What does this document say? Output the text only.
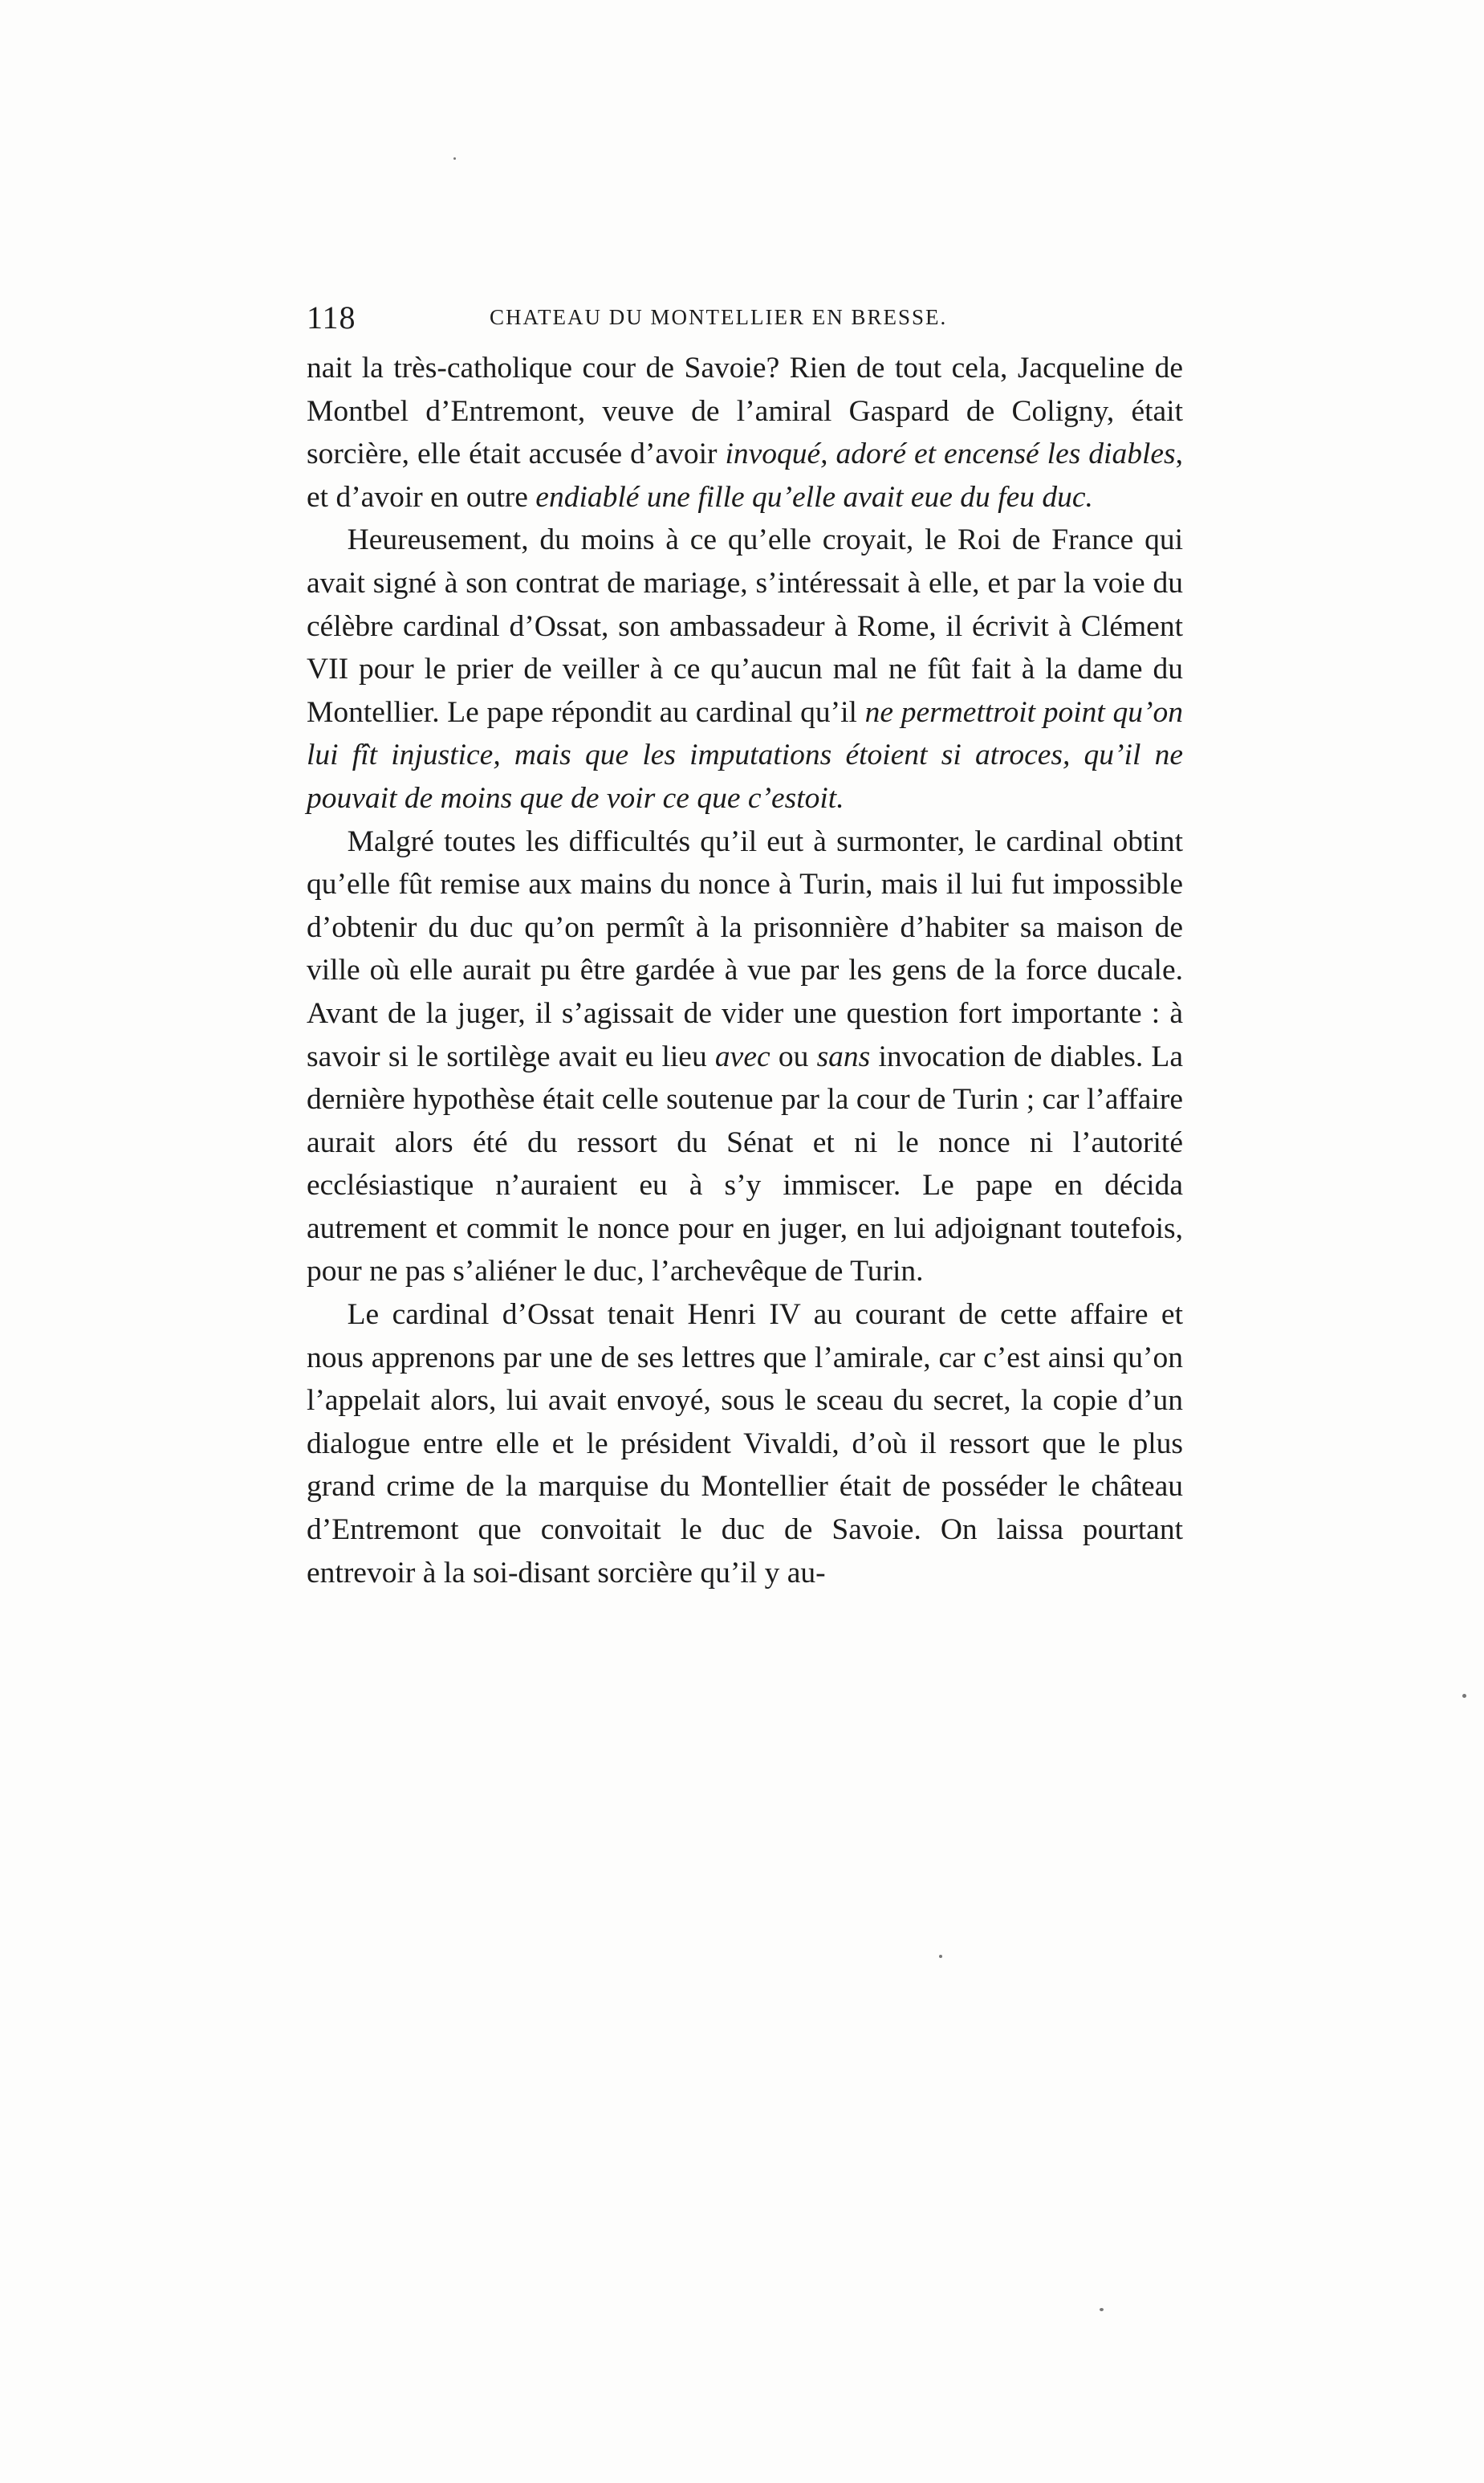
118	CHATEAU DU MONTELLIER EN BRESSE.

nait la très-catholique cour de Savoie? Rien de tout cela, Jacqueline de Montbel d’Entremont, veuve de l’amiral Gaspard de Coligny, était sorcière, elle était accusée d’avoir invoqué, adoré et encensé les diables, et d’avoir en outre endiablé une fille qu’elle avait eue du feu duc.

Heureusement, du moins à ce qu’elle croyait, le Roi de France qui avait signé à son contrat de mariage, s’intéressait à elle, et par la voie du célèbre cardinal d’Ossat, son ambassadeur à Rome, il écrivit à Clément VII pour le prier de veiller à ce qu’aucun mal ne fût fait à la dame du Montellier. Le pape répondit au cardinal qu’il ne permettroit point qu’on lui fît injustice, mais que les imputations étoient si atroces, qu’il ne pouvait de moins que de voir ce que c’estoit.

Malgré toutes les difficultés qu’il eut à surmonter, le cardinal obtint qu’elle fût remise aux mains du nonce à Turin, mais il lui fut impossible d’obtenir du duc qu’on permît à la prisonnière d’habiter sa maison de ville où elle aurait pu être gardée à vue par les gens de la force ducale. Avant de la juger, il s’agissait de vider une question fort importante : à savoir si le sortilège avait eu lieu avec ou sans invocation de diables. La dernière hypothèse était celle soutenue par la cour de Turin ; car l’affaire aurait alors été du ressort du Sénat et ni le nonce ni l’autorité ecclésiastique n’auraient eu à s’y immiscer. Le pape en décida autrement et commit le nonce pour en juger, en lui adjoignant toutefois, pour ne pas s’aliéner le duc, l’archevêque de Turin.

Le cardinal d’Ossat tenait Henri IV au courant de cette affaire et nous apprenons par une de ses lettres que l’amirale, car c’est ainsi qu’on l’appelait alors, lui avait envoyé, sous le sceau du secret, la copie d’un dialogue entre elle et le président Vivaldi, d’où il ressort que le plus grand crime de la marquise du Montellier était de posséder le château d’Entremont que convoitait le duc de Savoie. On laissa pourtant entrevoir à la soi-disant sorcière qu’il y au-
